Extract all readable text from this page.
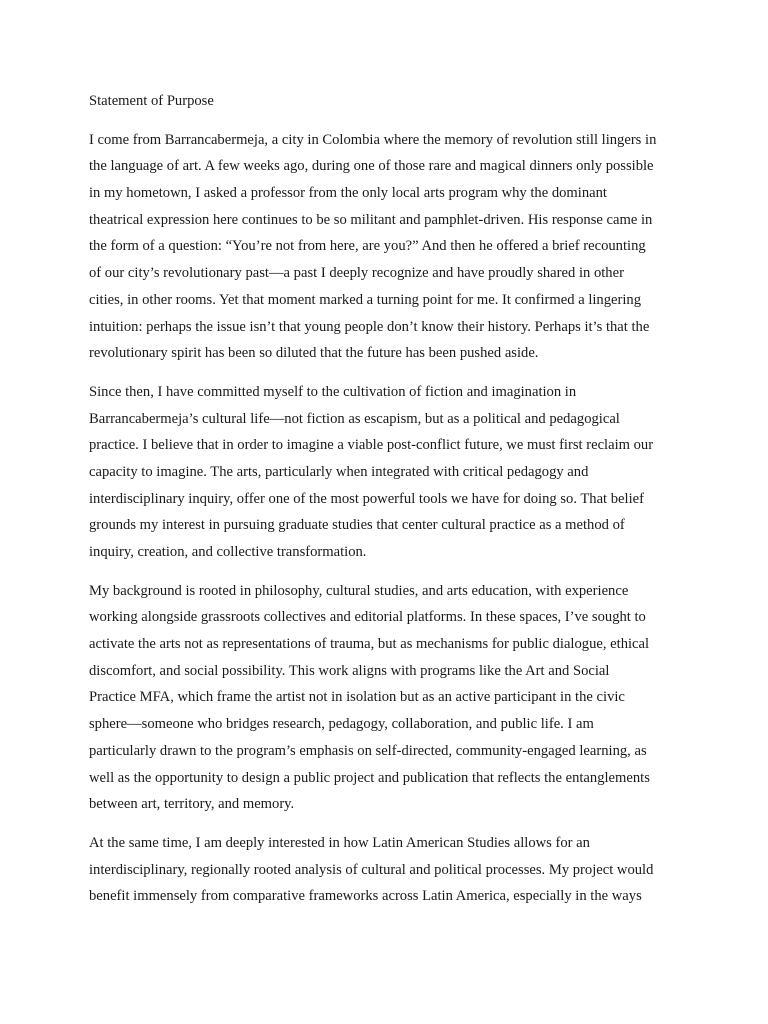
Statement of Purpose

I come from Barrancabermeja, a city in Colombia where the memory of revolution still lingers in
the language of art. A few weeks ago, during one of those rare and magical dinners only possible
in my hometown, I asked a professor from the only local arts program why the dominant
theatrical expression here continues to be so militant and pamphlet-driven. His response came in
the form of a question: “You’re not from here, are you?” And then he offered a brief recounting
of our city’s revolutionary past—a past I deeply recognize and have proudly shared in other
cities, in other rooms. Yet that moment marked a turning point for me. It confirmed a lingering
intuition: perhaps the issue isn’t that young people don’t know their history. Perhaps it’s that the
revolutionary spirit has been so diluted that the future has been pushed aside.

Since then, I have committed myself to the cultivation of fiction and imagination in
Barrancabermeja’s cultural life—not fiction as escapism, but as a political and pedagogical
practice. I believe that in order to imagine a viable post-conflict future, we must first reclaim our
capacity to imagine. The arts, particularly when integrated with critical pedagogy and
interdisciplinary inquiry, offer one of the most powerful tools we have for doing so. That belief
grounds my interest in pursuing graduate studies that center cultural practice as a method of
inquiry, creation, and collective transformation.

My background is rooted in philosophy, cultural studies, and arts education, with experience
working alongside grassroots collectives and editorial platforms. In these spaces, I’ve sought to
activate the arts not as representations of trauma, but as mechanisms for public dialogue, ethical
discomfort, and social possibility. This work aligns with programs like the Art and Social
Practice MFA, which frame the artist not in isolation but as an active participant in the civic
sphere—someone who bridges research, pedagogy, collaboration, and public life. I am
particularly drawn to the program’s emphasis on self-directed, community-engaged learning, as
well as the opportunity to design a public project and publication that reflects the entanglements
between art, territory, and memory.

At the same time, I am deeply interested in how Latin American Studies allows for an
interdisciplinary, regionally rooted analysis of cultural and political processes. My project would
benefit immensely from comparative frameworks across Latin America, especially in the ways
